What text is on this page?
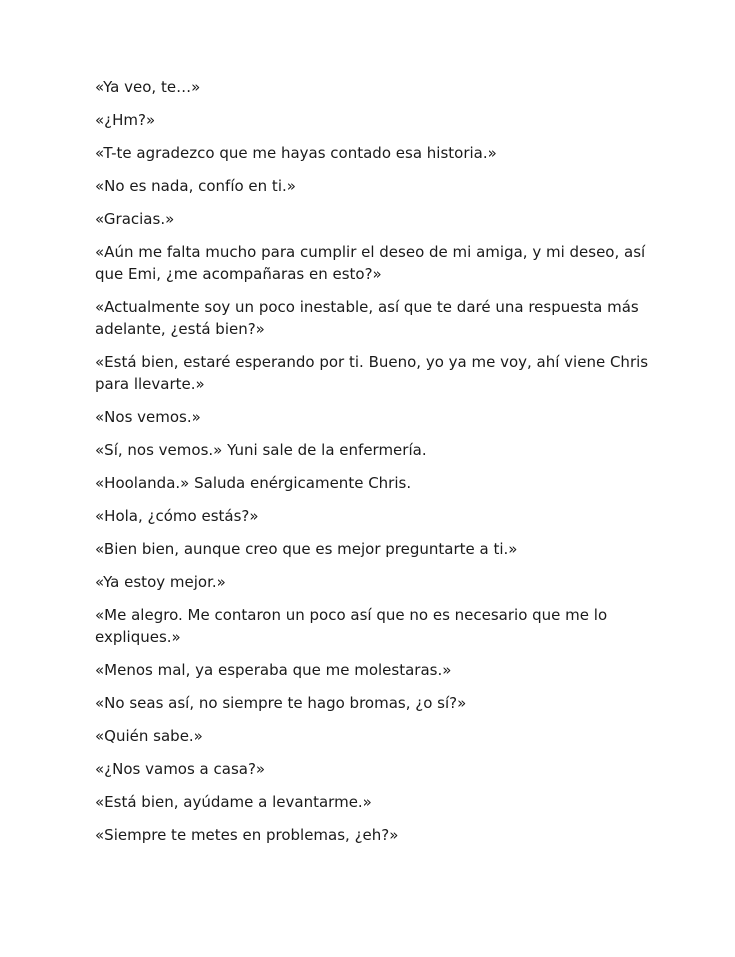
«Ya veo, te…»

«¿Hm?»

«T-te agradezco que me hayas contado esa historia.»

«No es nada, confío en ti.»

«Gracias.»

«Aún me falta mucho para cumplir el deseo de mi amiga, y mi deseo, así que Emi, ¿me acompañaras en esto?»

«Actualmente soy un poco inestable, así que te daré una respuesta más adelante, ¿está bien?»

«Está bien, estaré esperando por ti. Bueno, yo ya me voy, ahí viene Chris para llevarte.»

«Nos vemos.»

«Sí, nos vemos.» Yuni sale de la enfermería.

«Hoolanda.» Saluda enérgicamente Chris.

«Hola, ¿cómo estás?»

«Bien bien, aunque creo que es mejor preguntarte a ti.»

«Ya estoy mejor.»

«Me alegro. Me contaron un poco así que no es necesario que me lo expliques.»

«Menos mal, ya esperaba que me molestaras.»

«No seas así, no siempre te hago bromas, ¿o sí?»

«Quién sabe.»

«¿Nos vamos a casa?»

«Está bien, ayúdame a levantarme.»

«Siempre te metes en problemas, ¿eh?»
